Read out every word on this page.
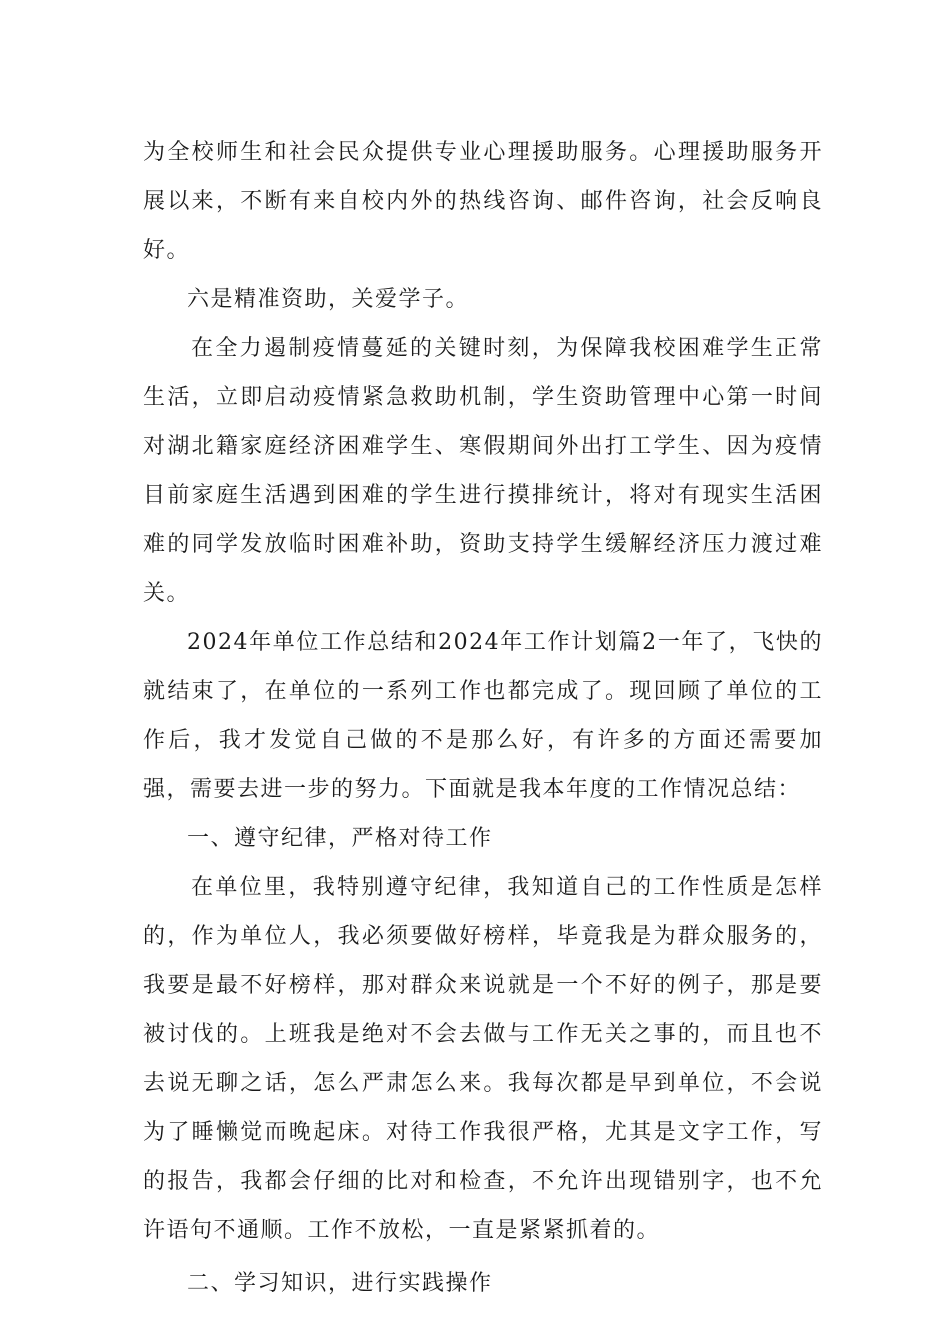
为全校师生和社会民众提供专业心理援助服务。心理援助服务开展以来，不断有来自校内外的热线咨询、邮件咨询，社会反响良好。

六是精准资助，关爱学子。

在全力遏制疫情蔓延的关键时刻，为保障我校困难学生正常生活，立即启动疫情紧急救助机制，学生资助管理中心第一时间对湖北籍家庭经济困难学生、寒假期间外出打工学生、因为疫情目前家庭生活遇到困难的学生进行摸排统计，将对有现实生活困难的同学发放临时困难补助，资助支持学生缓解经济压力渡过难关。

2024年单位工作总结和2024年工作计划篇2一年了，飞快的就结束了，在单位的一系列工作也都完成了。现回顾了单位的工作后，我才发觉自己做的不是那么好，有许多的方面还需要加强，需要去进一步的努力。下面就是我本年度的工作情况总结：

一、遵守纪律，严格对待工作

在单位里，我特别遵守纪律，我知道自己的工作性质是怎样的，作为单位人，我必须要做好榜样，毕竟我是为群众服务的，我要是最不好榜样，那对群众来说就是一个不好的例子，那是要被讨伐的。上班我是绝对不会去做与工作无关之事的，而且也不去说无聊之话，怎么严肃怎么来。我每次都是早到单位，不会说为了睡懒觉而晚起床。对待工作我很严格，尤其是文字工作，写的报告，我都会仔细的比对和检查，不允许出现错别字，也不允许语句不通顺。工作不放松，一直是紧紧抓着的。

二、学习知识，进行实践操作
